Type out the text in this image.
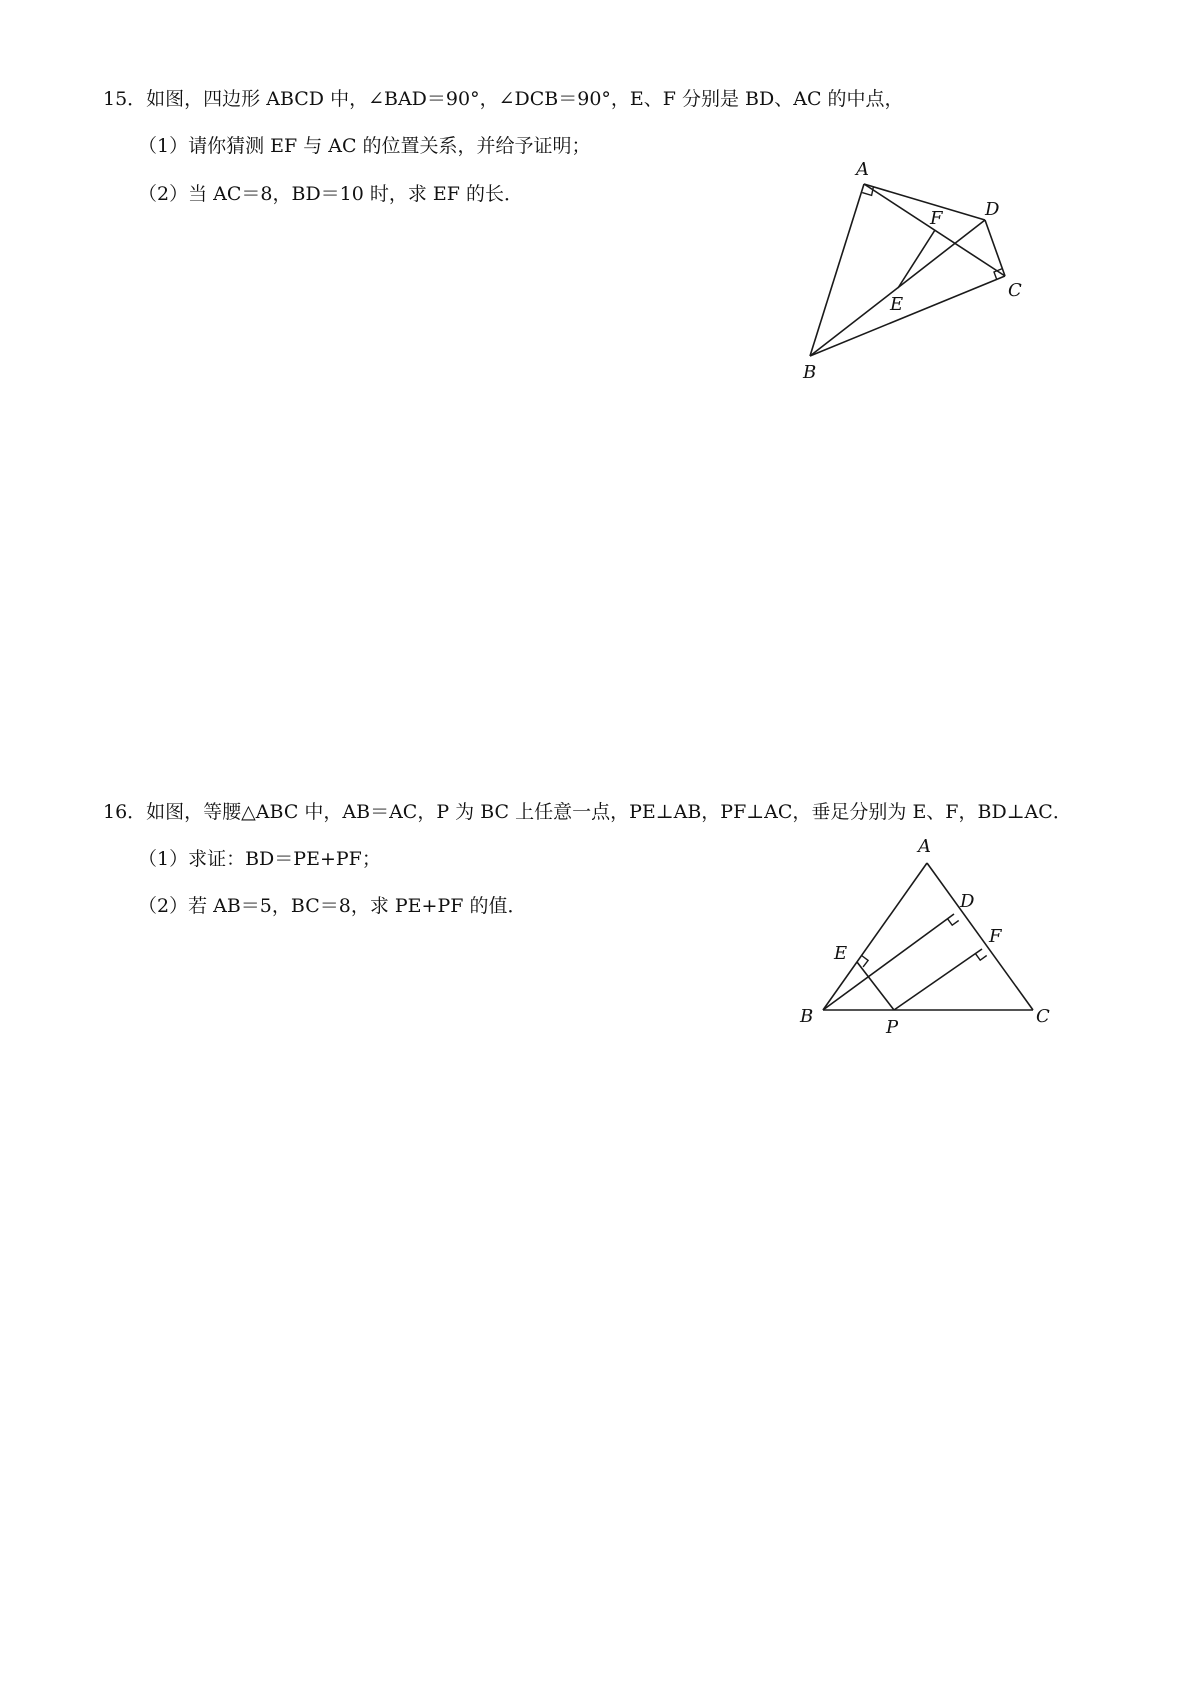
15．如图，四边形 ABCD 中，∠BAD＝90°，∠DCB＝90°，E、F 分别是 BD、AC 的中点，
（1）请你猜测 EF 与 AC 的位置关系，并给予证明；
（2）当 AC＝8，BD＝10 时，求 EF 的长．
A
B
C
D
E
F
16．如图，等腰△ABC 中，AB＝AC，P 为 BC 上任意一点，PE⊥AB，PF⊥AC，垂足分别为 E、F，BD⊥AC．
（1）求证：BD＝PE+PF；
（2）若 AB＝5，BC＝8，求 PE+PF 的值．
A
B	C
D
E
F
P
